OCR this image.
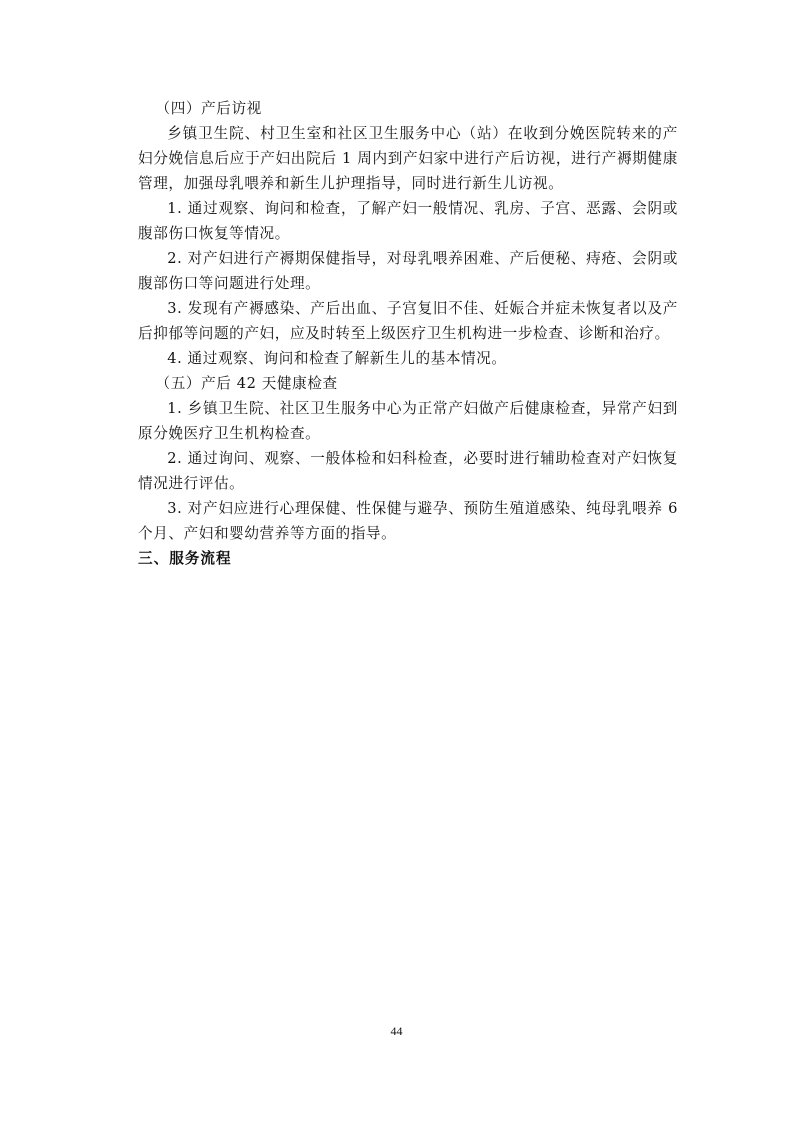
（四）产后访视

乡镇卫生院、村卫生室和社区卫生服务中心（站）在收到分娩医院转来的产妇分娩信息后应于产妇出院后 1 周内到产妇家中进行产后访视，进行产褥期健康管理，加强母乳喂养和新生儿护理指导，同时进行新生儿访视。

1. 通过观察、询问和检查，了解产妇一般情况、乳房、子宫、恶露、会阴或腹部伤口恢复等情况。

2. 对产妇进行产褥期保健指导，对母乳喂养困难、产后便秘、痔疮、会阴或腹部伤口等问题进行处理。

3. 发现有产褥感染、产后出血、子宫复旧不佳、妊娠合并症未恢复者以及产后抑郁等问题的产妇，应及时转至上级医疗卫生机构进一步检查、诊断和治疗。

4. 通过观察、询问和检查了解新生儿的基本情况。

（五）产后 42 天健康检查

1. 乡镇卫生院、社区卫生服务中心为正常产妇做产后健康检查，异常产妇到原分娩医疗卫生机构检查。

2. 通过询问、观察、一般体检和妇科检查，必要时进行辅助检查对产妇恢复情况进行评估。

3. 对产妇应进行心理保健、性保健与避孕、预防生殖道感染、纯母乳喂养 6 个月、产妇和婴幼营养等方面的指导。

三、服务流程

44
